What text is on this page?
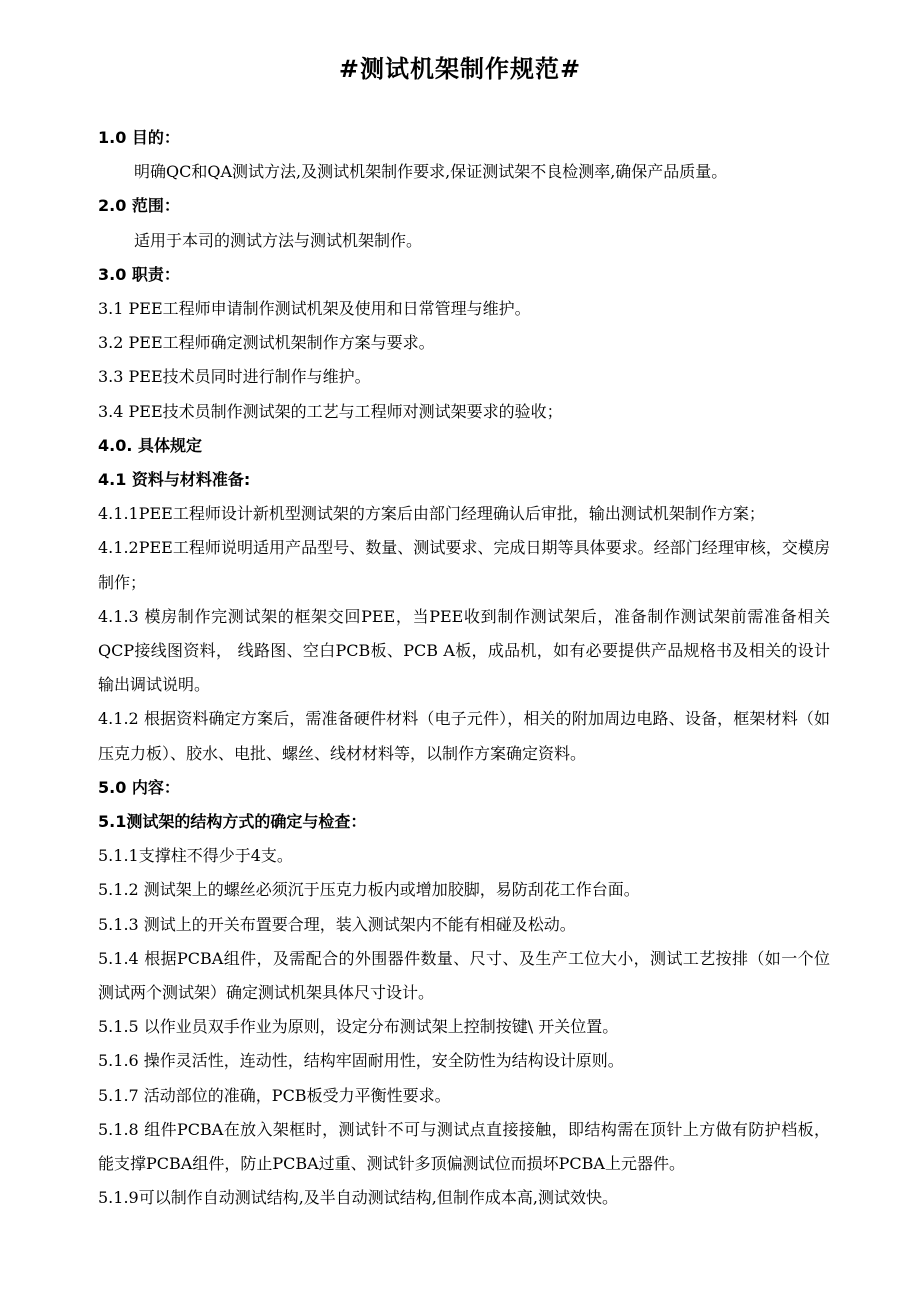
#测试机架制作规范#

1.0 目的：

明确QC和QA测试方法,及测试机架制作要求,保证测试架不良检测率,确保产品质量。

2.0 范围：

适用于本司的测试方法与测试机架制作。

3.0 职责：

3.1 PEE工程师申请制作测试机架及使用和日常管理与维护。

3.2 PEE工程师确定测试机架制作方案与要求。

3.3 PEE技术员同时进行制作与维护。

3.4 PEE技术员制作测试架的工艺与工程师对测试架要求的验收；

4.0. 具体规定

4.1 资料与材料准备:

4.1.1PEE工程师设计新机型测试架的方案后由部门经理确认后审批，输出测试机架制作方案；

4.1.2PEE工程师说明适用产品型号、数量、测试要求、完成日期等具体要求。经部门经理审核，交模房制作；

4.1.3 模房制作完测试架的框架交回PEE，当PEE收到制作测试架后，准备制作测试架前需准备相关QCP接线图资料， 线路图、空白PCB板、PCB A板，成品机，如有必要提供产品规格书及相关的设计输出调试说明。

4.1.2 根据资料确定方案后，需准备硬件材料（电子元件），相关的附加周边电路、设备，框架材料（如压克力板）、胶水、电批、螺丝、线材材料等，以制作方案确定资料。

5.0 内容：

5.1测试架的结构方式的确定与检查：

5.1.1支撑柱不得少于4支。

5.1.2 测试架上的螺丝必须沉于压克力板内或增加胶脚，易防刮花工作台面。

5.1.3 测试上的开关布置要合理，装入测试架内不能有相碰及松动。

5.1.4 根据PCBA组件，及需配合的外围器件数量、尺寸、及生产工位大小，测试工艺按排（如一个位测试两个测试架）确定测试机架具体尺寸设计。

5.1.5 以作业员双手作业为原则，设定分布测试架上控制按键\ 开关位置。

5.1.6 操作灵活性，连动性，结构牢固耐用性，安全防性为结构设计原则。

5.1.7 活动部位的准确，PCB板受力平衡性要求。

5.1.8 组件PCBA在放入架框时，测试针不可与测试点直接接触，即结构需在顶针上方做有防护档板，能支撑PCBA组件，防止PCBA过重、测试针多顶偏测试位而损坏PCBA上元器件。

5.1.9可以制作自动测试结构,及半自动测试结构,但制作成本高,测试效快。
